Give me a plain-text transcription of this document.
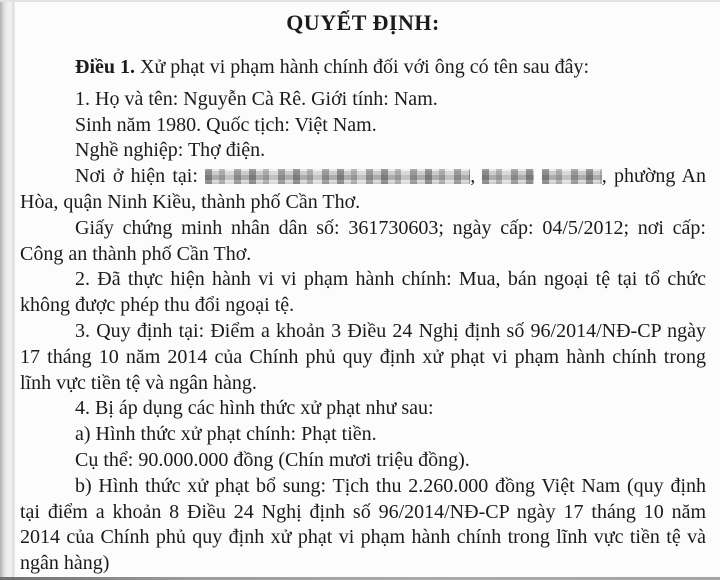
QUYẾT ĐỊNH:
Điều 1. Xử phạt vi phạm hành chính đối với ông có tên sau đây:
1. Họ và tên: Nguyễn Cà Rê. Giới tính: Nam.
Sinh năm 1980. Quốc tịch: Việt Nam.
Nghề nghiệp: Thợ điện.
Nơi ở hiện tại:	,	, phường An
Hòa, quận Ninh Kiều, thành phố Cần Thơ.
Giấy chứng minh nhân dân số: 361730603; ngày cấp: 04/5/2012; nơi cấp:
Công an thành phố Cần Thơ.
2. Đã thực hiện hành vi vi phạm hành chính: Mua, bán ngoại tệ tại tổ chức
không được phép thu đổi ngoại tệ.
3. Quy định tại: Điểm a khoản 3 Điều 24 Nghị định số 96/2014/NĐ-CP ngày
17 tháng 10 năm 2014 của Chính phủ quy định xử phạt vi phạm hành chính trong
lĩnh vực tiền tệ và ngân hàng.
4. Bị áp dụng các hình thức xử phạt như sau:
a) Hình thức xử phạt chính: Phạt tiền.
Cụ thể: 90.000.000 đồng (Chín mươi triệu đồng).
b) Hình thức xử phạt bổ sung: Tịch thu 2.260.000 đồng Việt Nam (quy định
tại điểm a khoản 8 Điều 24 Nghị định số 96/2014/NĐ-CP ngày 17 tháng 10 năm
2014 của Chính phủ quy định xử phạt vi phạm hành chính trong lĩnh vực tiền tệ và
ngân hàng)
